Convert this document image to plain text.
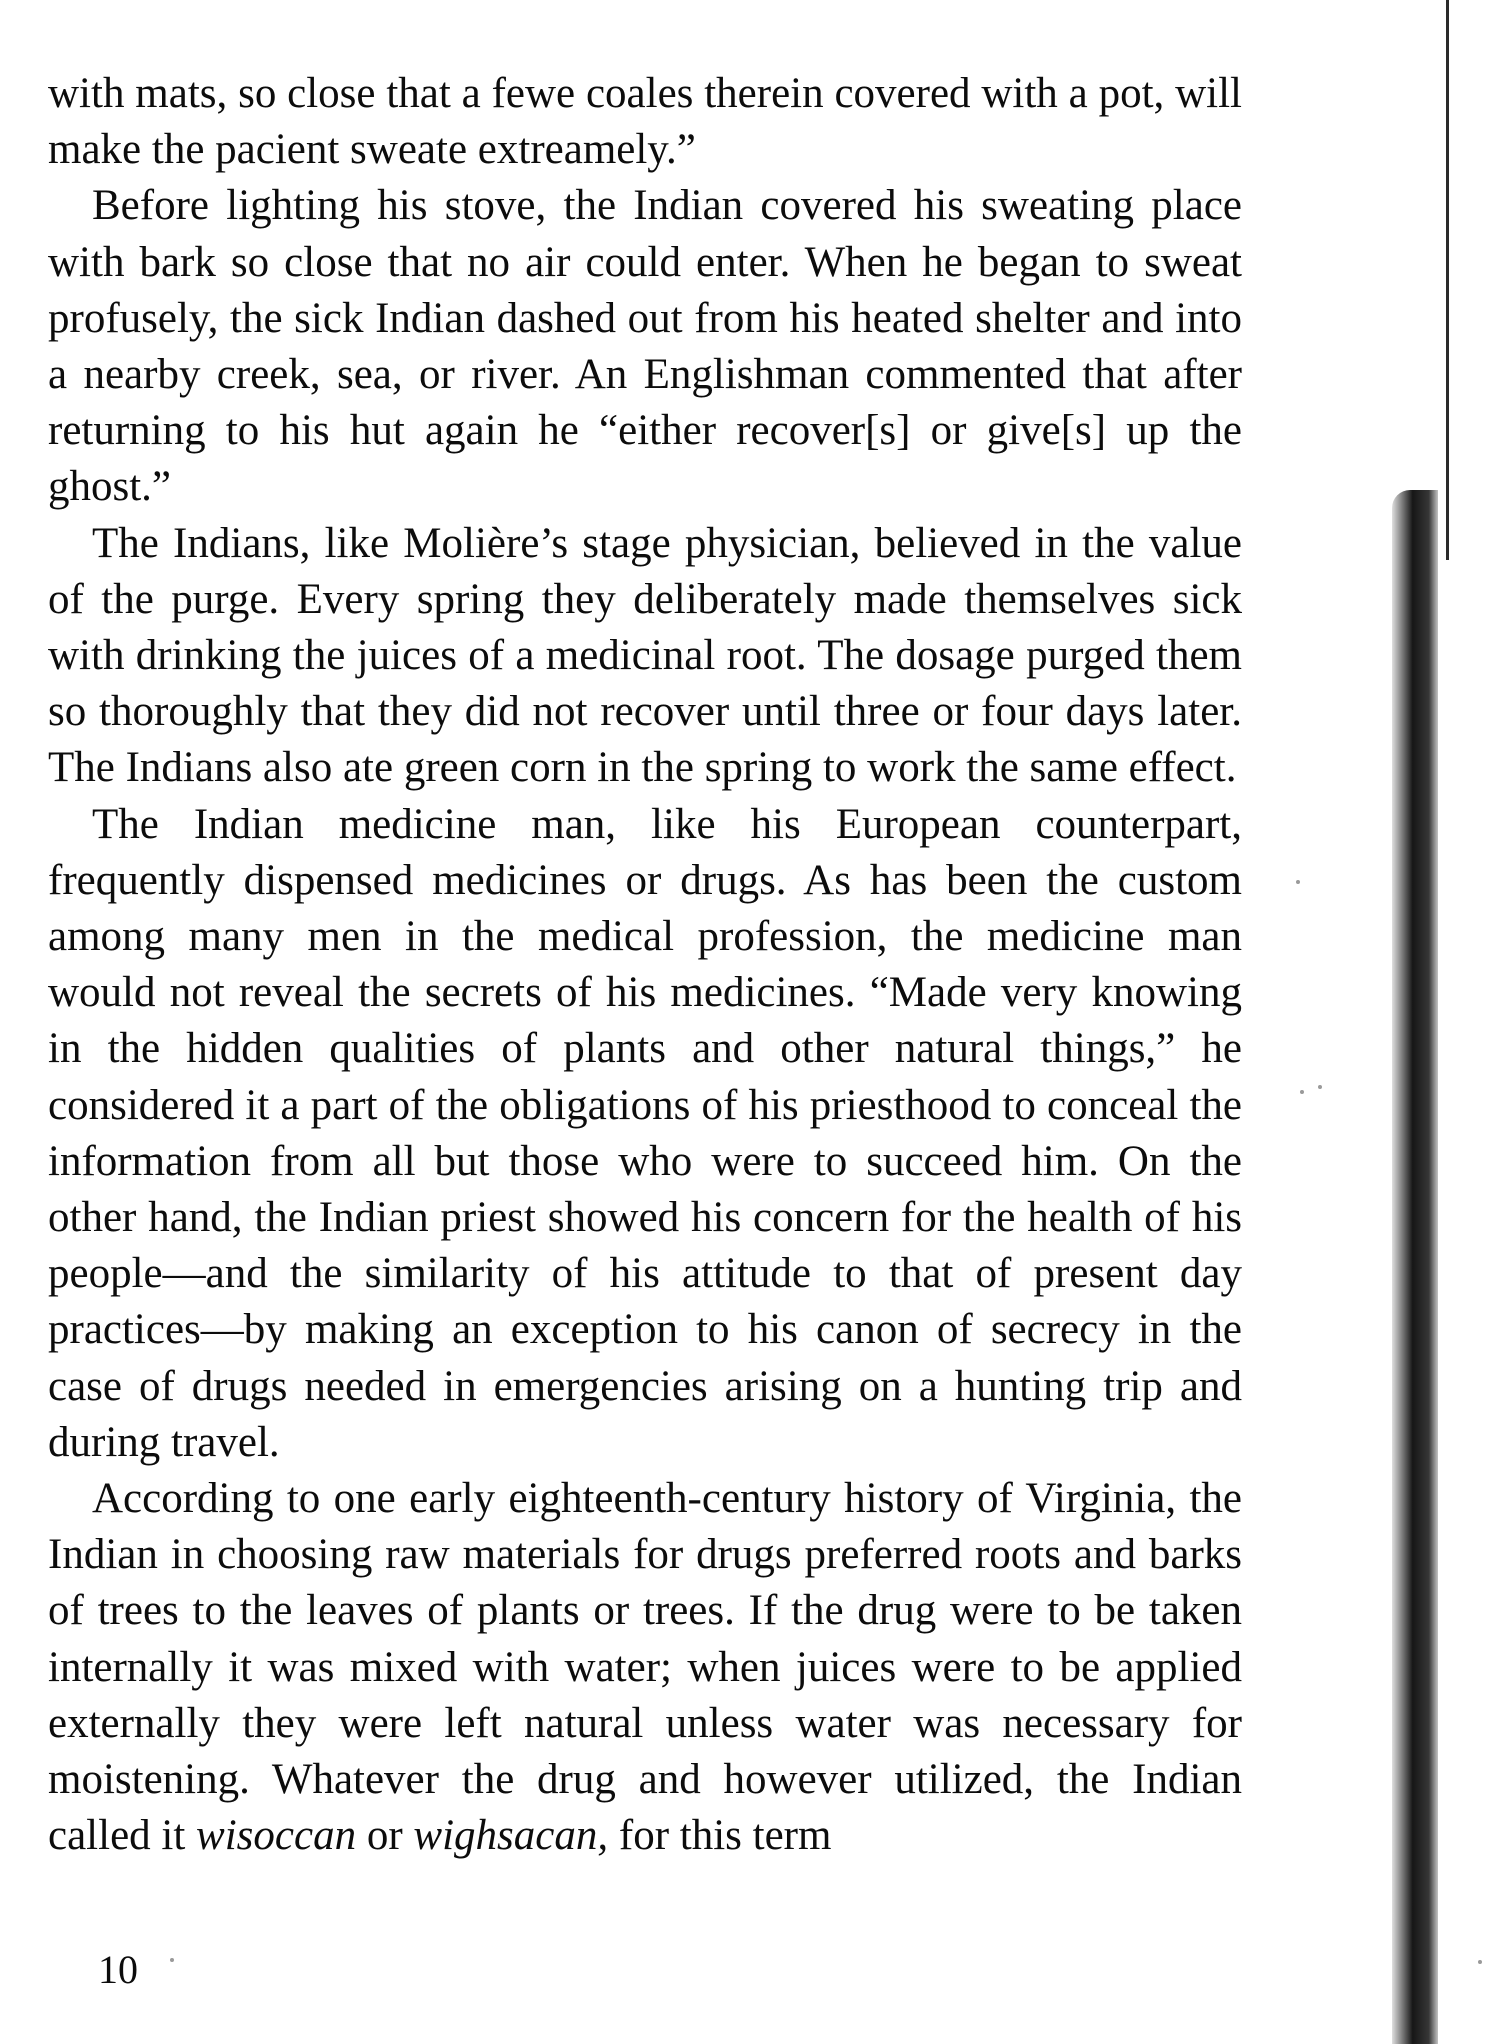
with mats, so close that a fewe coales therein covered with a pot, will make the pacient sweate extreamely.”

Before lighting his stove, the Indian covered his sweating place with bark so close that no air could enter. When he began to sweat profusely, the sick Indian dashed out from his heated shelter and into a nearby creek, sea, or river. An Englishman commented that after returning to his hut again he “either recover[s] or give[s] up the ghost.”

The Indians, like Molière’s stage physician, believed in the value of the purge. Every spring they deliberately made themselves sick with drinking the juices of a medicinal root. The dosage purged them so thoroughly that they did not recover until three or four days later. The Indians also ate green corn in the spring to work the same effect.

The Indian medicine man, like his European counterpart, frequently dispensed medicines or drugs. As has been the custom among many men in the medical profession, the medicine man would not reveal the secrets of his medicines. “Made very knowing in the hidden qualities of plants and other natural things,” he considered it a part of the obligations of his priesthood to conceal the information from all but those who were to succeed him. On the other hand, the Indian priest showed his concern for the health of his people—and the similarity of his attitude to that of present day practices—by making an exception to his canon of secrecy in the case of drugs needed in emergencies arising on a hunting trip and during travel.

According to one early eighteenth-century history of Virginia, the Indian in choosing raw materials for drugs preferred roots and barks of trees to the leaves of plants or trees. If the drug were to be taken internally it was mixed with water; when juices were to be applied externally they were left natural unless water was necessary for moistening. Whatever the drug and however utilized, the Indian called it wisoccan or wighsacan, for this term

10
